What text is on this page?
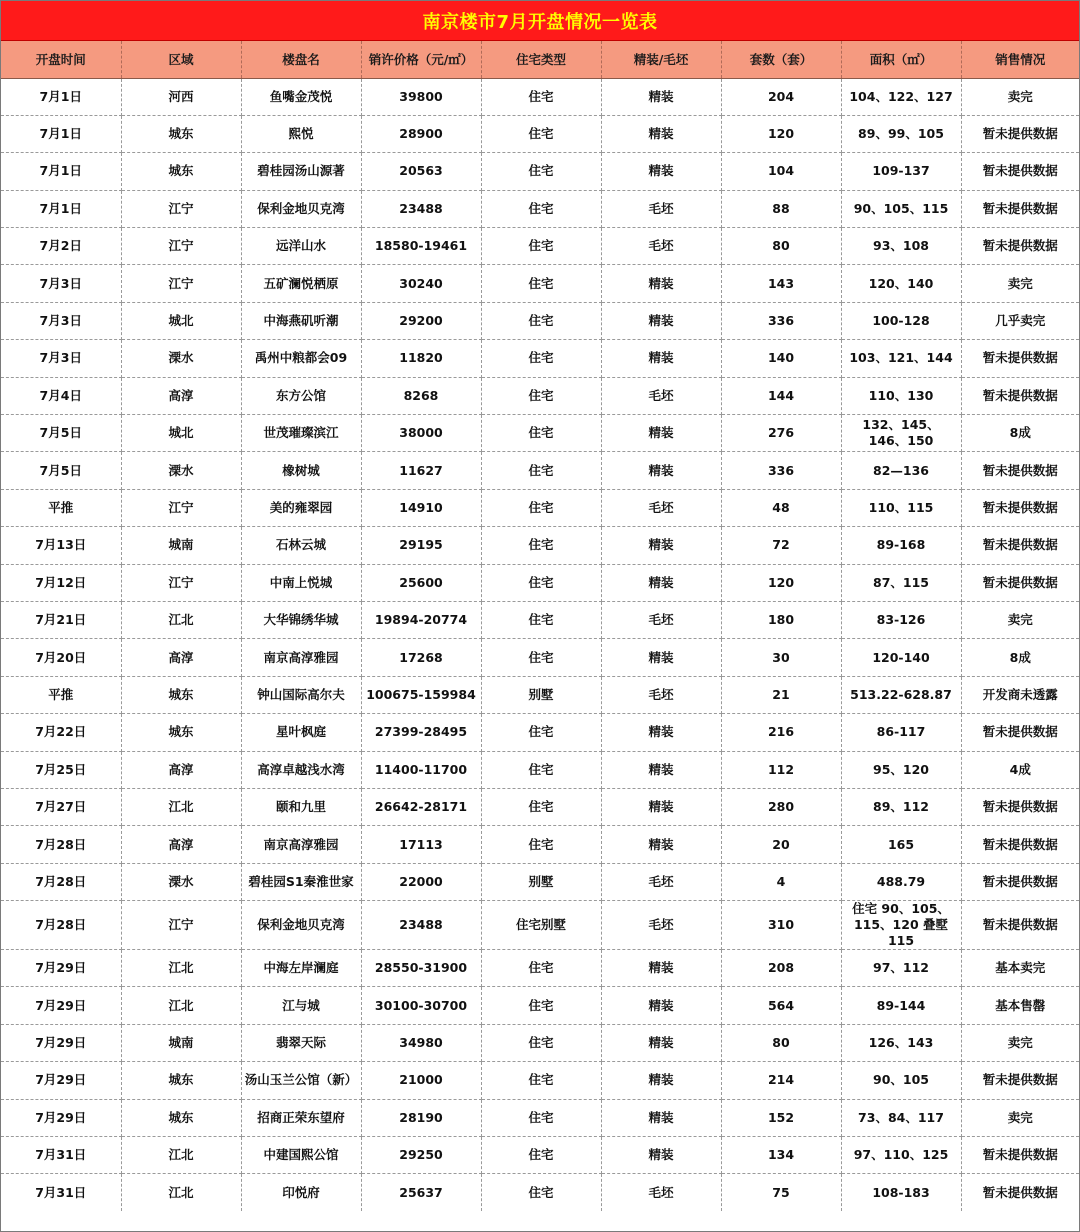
南京楼市7月开盘情况一览表
开盘时间	区域	楼盘名	销许价格（元/㎡）	住宅类型	精装/毛坯	套数（套）	面积（㎡）	销售情况
7月1日	河西	鱼嘴金茂悦	39800	住宅	精装	204	104、122、127	卖完
7月1日	城东	熙悦	28900	住宅	精装	120	89、99、105	暂未提供数据
7月1日	城东	碧桂园汤山源著	20563	住宅	精装	104	109-137	暂未提供数据
7月1日	江宁	保利金地贝克湾	23488	住宅	毛坯	88	90、105、115	暂未提供数据
7月2日	江宁	远洋山水	18580-19461	住宅	毛坯	80	93、108	暂未提供数据
7月3日	江宁	五矿澜悦栖原	30240	住宅	精装	143	120、140	卖完
7月3日	城北	中海燕矶听潮	29200	住宅	精装	336	100-128	几乎卖完
7月3日	溧水	禹州中粮都会09	11820	住宅	精装	140	103、121、144	暂未提供数据
7月4日	高淳	东方公馆	8268	住宅	毛坯	144	110、130	暂未提供数据
7月5日	城北	世茂璀璨滨江	38000	住宅	精装	276	132、145、146、150	8成
7月5日	溧水	橡树城	11627	住宅	精装	336	82—136	暂未提供数据
平推	江宁	美的雍翠园	14910	住宅	毛坯	48	110、115	暂未提供数据
7月13日	城南	石林云城	29195	住宅	精装	72	89-168	暂未提供数据
7月12日	江宁	中南上悦城	25600	住宅	精装	120	87、115	暂未提供数据
7月21日	江北	大华锦绣华城	19894-20774	住宅	毛坯	180	83-126	卖完
7月20日	高淳	南京高淳雅园	17268	住宅	精装	30	120-140	8成
平推	城东	钟山国际高尔夫	100675-159984	别墅	毛坯	21	513.22-628.87	开发商未透露
7月22日	城东	星叶枫庭	27399-28495	住宅	精装	216	86-117	暂未提供数据
7月25日	高淳	高淳卓越浅水湾	11400-11700	住宅	精装	112	95、120	4成
7月27日	江北	颐和九里	26642-28171	住宅	精装	280	89、112	暂未提供数据
7月28日	高淳	南京高淳雅园	17113	住宅	精装	20	165	暂未提供数据
7月28日	溧水	碧桂园S1秦淮世家	22000	别墅	毛坯	4	488.79	暂未提供数据
7月28日	江宁	保利金地贝克湾	23488	住宅别墅	毛坯	310	住宅 90、105、115、120 叠墅115	暂未提供数据
7月29日	江北	中海左岸澜庭	28550-31900	住宅	精装	208	97、112	基本卖完
7月29日	江北	江与城	30100-30700	住宅	精装	564	89-144	基本售罄
7月29日	城南	翡翠天际	34980	住宅	精装	80	126、143	卖完
7月29日	城东	汤山玉兰公馆（新）	21000	住宅	精装	214	90、105	暂未提供数据
7月29日	城东	招商正荣东望府	28190	住宅	精装	152	73、84、117	卖完
7月31日	江北	中建国熙公馆	29250	住宅	精装	134	97、110、125	暂未提供数据
7月31日	江北	印悦府	25637	住宅	毛坯	75	108-183	暂未提供数据
